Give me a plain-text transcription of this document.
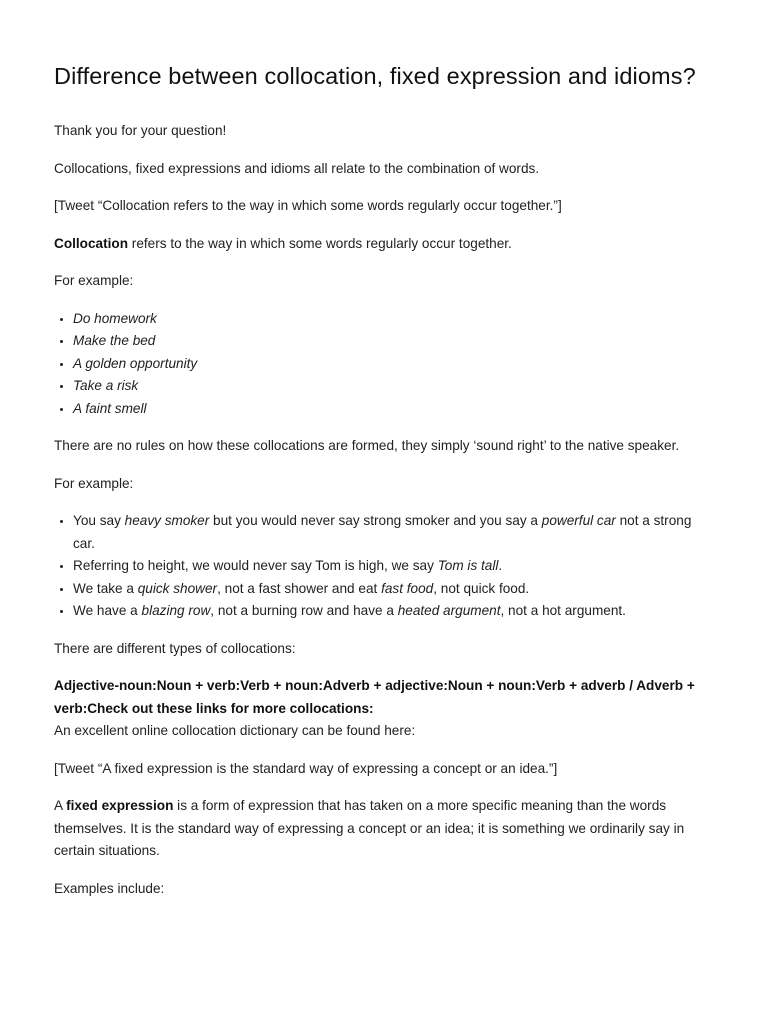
Difference between collocation, fixed expression and idioms?

Thank you for your question!

Collocations, fixed expressions and idioms all relate to the combination of words.

[Tweet “Collocation refers to the way in which some words regularly occur together.”]

Collocation refers to the way in which some words regularly occur together.

For example:

• Do homework
• Make the bed
• A golden opportunity
• Take a risk
• A faint smell

There are no rules on how these collocations are formed, they simply ‘sound right’ to the native speaker.

For example:

• You say heavy smoker but you would never say strong smoker and you say a powerful car not a strong car.
• Referring to height, we would never say Tom is high, we say Tom is tall.
• We take a quick shower, not a fast shower and eat fast food, not quick food.
• We have a blazing row, not a burning row and have a heated argument, not a hot argument.

There are different types of collocations:

Adjective-noun:Noun + verb:Verb + noun:Adverb + adjective:Noun + noun:Verb + adverb / Adverb + verb:Check out these links for more collocations:

An excellent online collocation dictionary can be found here:

[Tweet “A fixed expression is the standard way of expressing a concept or an idea.”]

A fixed expression is a form of expression that has taken on a more specific meaning than the words themselves. It is the standard way of expressing a concept or an idea; it is something we ordinarily say in certain situations.

Examples include:
